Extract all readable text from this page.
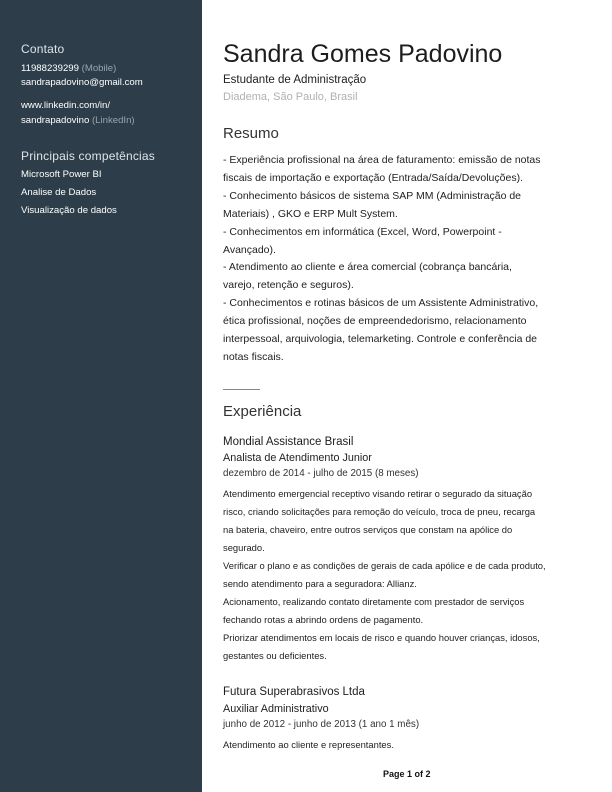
Contato
11988239299 (Mobile)
sandrapadovino@gmail.com
www.linkedin.com/in/
sandrapadovino (LinkedIn)
Principais competências
Microsoft Power BI
Analise de Dados
Visualização de dados
Sandra Gomes Padovino
Estudante de Administração
Diadema, São Paulo, Brasil
Resumo
- Experiência profissional na área de faturamento: emissão de notas
fiscais de importação e exportação (Entrada/Saída/Devoluções).
- Conhecimento básicos de sistema SAP MM (Administração de
Materiais) , GKO e ERP Mult System.
- Conhecimentos em informática (Excel, Word, Powerpoint -
Avançado).
- Atendimento ao cliente e área comercial (cobrança bancária,
varejo, retenção e seguros).
- Conhecimentos e rotinas básicos de um Assistente Administrativo,
ética profissional, noções de empreendedorismo, relacionamento
interpessoal, arquivologia, telemarketing. Controle e conferência de
notas fiscais.
Experiência
Mondial Assistance Brasil
Analista de Atendimento Junior
dezembro de 2014 - julho de 2015 (8 meses)
Atendimento emergencial receptivo visando retirar o segurado da situação
risco, criando solicitações para remoção do veículo, troca de pneu, recarga
na bateria, chaveiro, entre outros serviços que constam na apólice do
segurado.
Verificar o plano e as condições de gerais de cada apólice e de cada produto,
sendo atendimento para a seguradora: Allianz.
Acionamento, realizando contato diretamente com prestador de serviços
fechando rotas a abrindo ordens de pagamento.
Priorizar atendimentos em locais de risco e quando houver crianças, idosos,
gestantes ou deficientes.
Futura Superabrasivos Ltda
Auxiliar Administrativo
junho de 2012 - junho de 2013 (1 ano 1 mês)
Atendimento ao cliente e representantes.
Page 1 of 2
